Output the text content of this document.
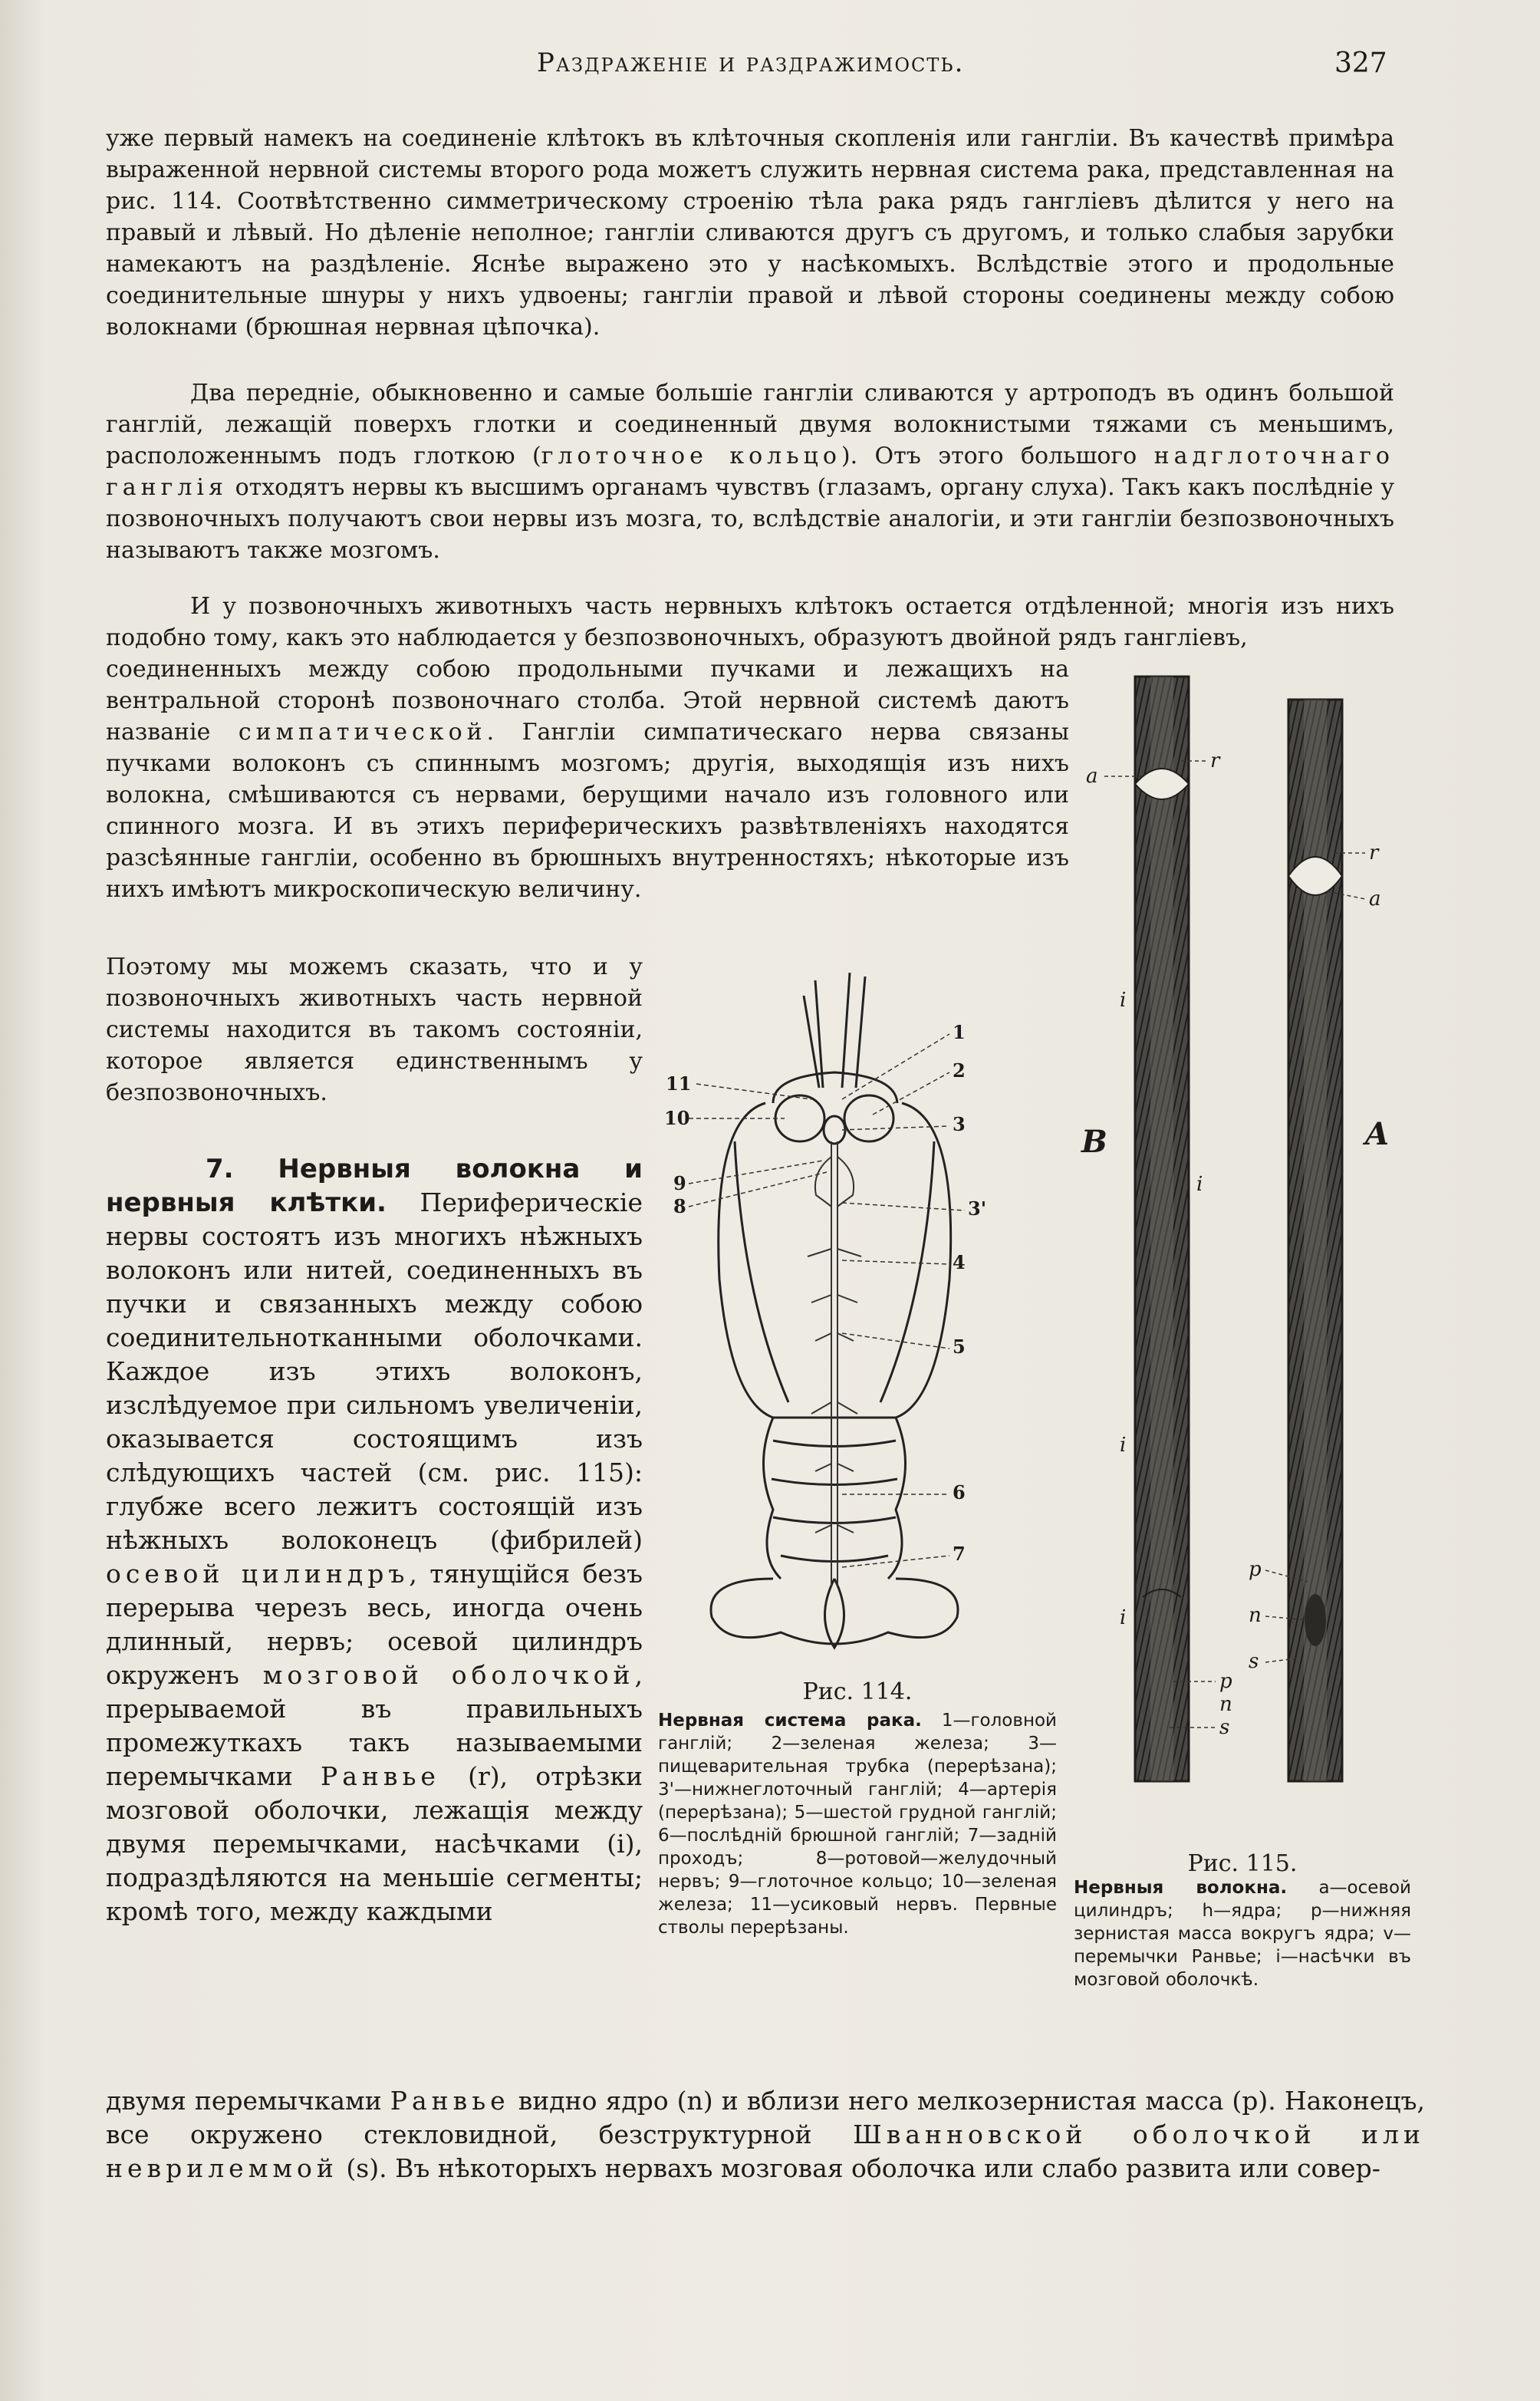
Раздраженіе и раздражимость.	327

уже первый намекъ на соединеніе клѣтокъ въ клѣточныя скопленія или гангліи. Въ качествѣ примѣра выраженной нервной системы второго рода можетъ служить нервная система рака, представленная на рис. 114. Соотвѣтственно симметрическому строенію тѣла рака рядъ гангліевъ дѣлится у него на правый и лѣвый. Но дѣленіе неполное; гангліи сливаются другъ съ другомъ, и только слабыя зарубки намекаютъ на раздѣленіе. Яснѣе выражено это у насѣкомыхъ. Вслѣдствіе этого и продольные соединительные шнуры у нихъ удвоены; гангліи правой и лѣвой стороны соединены между собою волокнами (брюшная нервная цѣпочка).

Два передніе, обыкновенно и самые большіе гангліи сливаются у артроподъ въ одинъ большой ганглій, лежащій поверхъ глотки и соединенный двумя волокнистыми тяжами съ меньшимъ, расположеннымъ подъ глоткою (глоточное кольцо). Отъ этого большого надглоточнаго ганглія отходятъ нервы къ высшимъ органамъ чувствъ (глазамъ, органу слуха). Такъ какъ послѣдніе у позвоночныхъ получаютъ свои нервы изъ мозга, то, вслѣдствіе аналогіи, и эти гангліи безпозвоночныхъ называютъ также мозгомъ.

И у позвоночныхъ животныхъ часть нервныхъ клѣтокъ остается отдѣленной; многія изъ нихъ подобно тому, какъ это наблюдается у безпозвоночныхъ, образуютъ двойной рядъ гангліевъ,

соединенныхъ между собою продольными пучками и лежащихъ на вентральной сторонѣ позвоночнаго столба. Этой нервной системѣ даютъ названіе симпатической. Гангліи симпатическаго нерва связаны пучками волоконъ съ спиннымъ мозгомъ; другія, выходящія изъ нихъ волокна, смѣшиваются съ нервами, берущими начало изъ головного или спинного мозга. И въ этихъ периферическихъ развѣтвленіяхъ находятся разсѣянные гангліи, особенно въ брюшныхъ внутренностяхъ; нѣкоторые изъ нихъ имѣютъ микроскопическую величину.

Поэтому мы можемъ сказать, что и у позвоночныхъ животныхъ часть нервной системы находится въ такомъ состояніи, которое является единственнымъ у безпозвоночныхъ.

7. Нервныя волокна и нервныя клѣтки. Периферическіе нервы состоятъ изъ многихъ нѣжныхъ волоконъ или нитей, соединенныхъ въ пучки и связанныхъ между собою соединительнотканными оболочками. Каждое изъ этихъ волоконъ, изслѣдуемое при сильномъ увеличеніи, оказывается состоящимъ изъ слѣдующихъ частей (см. рис. 115): глубже всего лежитъ состоящій изъ нѣжныхъ волоконецъ (фибрилей) осевой цилиндръ, тянущійся безъ перерыва черезъ весь, иногда очень длинный, нервъ; осевой цилиндръ окруженъ мозговой оболочкой, прерываемой въ правильныхъ промежуткахъ такъ называемыми перемычками Ранвье (r), отрѣзки мозговой оболочки, лежащія между двумя перемычками, насѣчками (i), подраздѣляются на меньшіе сегменты; кромѣ того, между каждыми

двумя перемычками Ранвье видно ядро (n) и вблизи него мелкозернистая масса (p). Наконецъ, все окружено стекловидной, безструктурной Шванновской оболочкой или неврилеммой (s). Въ нѣкоторыхъ нервахъ мозговая оболочка или слабо развита или совер-

1
2
3
3'
4
5
6
7
8
9
10
11
Рис. 114.

Нервная система рака. 1—головной ганглій; 2—зеленая железа; 3—пищеварительная трубка (перерѣзана); 3'—нижнеглоточный ганглій; 4—артерія (перерѣзана); 5—шестой грудной ганглій; 6—послѣдній брюшной ганглій; 7—заднiй проходъ; 8—ротовой—желудочный нервъ; 9—глоточное кольцо; 10—зеленая железа; 11—усиковый нервъ. Первные стволы перерѣзаны.

B	A
a
r
i
i
i
i
p
n
s
r
a
p
n
s
Рис. 115.

Нервныя волокна. a—осевой цилиндръ; h—ядра; p—нижняя зернистая масса вокругъ ядра; v—перемычки Ранвье; i—насѣчки въ мозговой оболочкѣ.
